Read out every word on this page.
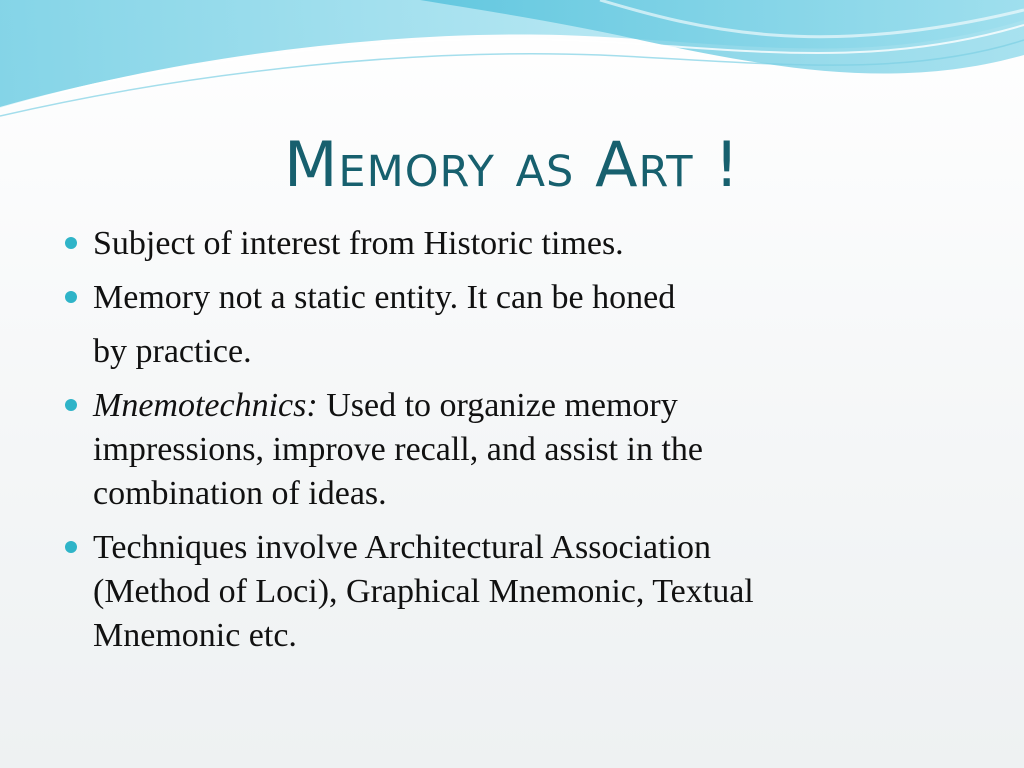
Memory as Art !
Subject of interest from Historic times.
Memory not a static entity. It can be honed
by practice.
Mnemotechnics: Used to organize memory
impressions, improve recall, and assist in the
combination of ideas.
Techniques involve Architectural Association
(Method of Loci), Graphical Mnemonic, Textual
Mnemonic etc.
